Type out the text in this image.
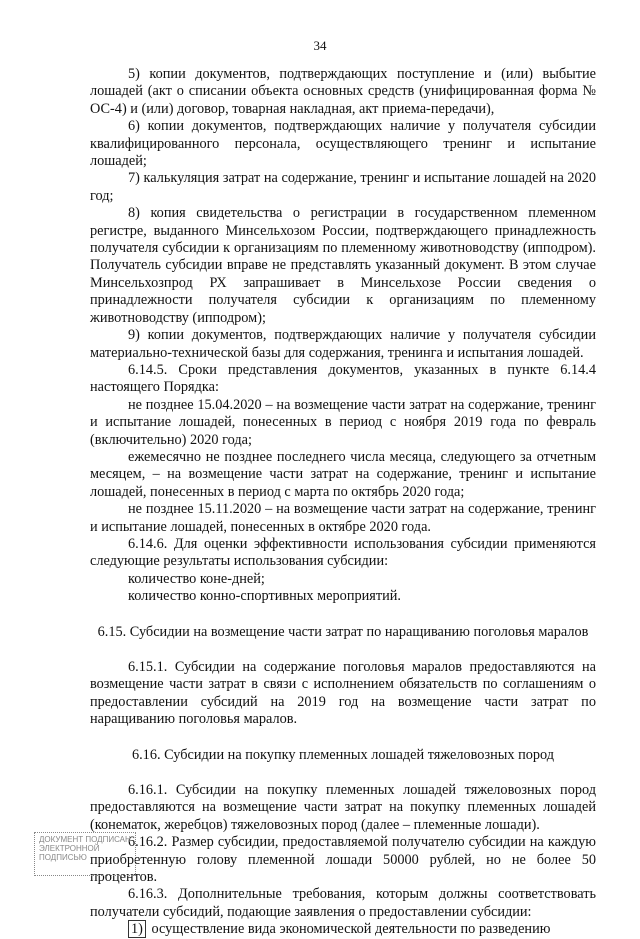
34

5) копии документов, подтверждающих поступление и (или) выбытие лошадей (акт о списании объекта основных средств (унифицированная форма № ОС-4) и (или) договор, товарная накладная, акт приема-передачи),

6) копии документов, подтверждающих наличие у получателя субсидии квалифицированного персонала, осуществляющего тренинг и испытание лошадей;

7) калькуляция затрат на содержание, тренинг и испытание лошадей на 2020 год;

8) копия свидетельства о регистрации в государственном племенном регистре, выданного Минсельхозом России, подтверждающего принадлежность получателя субсидии к организациям по племенному животноводству (ипподром). Получатель субсидии вправе не представлять указанный документ. В этом случае Минсельхозпрод РХ запрашивает в Минсельхозе России сведения о принадлежности получателя субсидии к организациям по племенному животноводству (ипподром);

9) копии документов, подтверждающих наличие у получателя субсидии материально-технической базы для содержания, тренинга и испытания лошадей.

6.14.5. Сроки представления документов, указанных в пункте 6.14.4 настоящего Порядка:

не позднее 15.04.2020 – на возмещение части затрат на содержание, тренинг и испытание лошадей, понесенных в период с ноября 2019 года по февраль (включительно) 2020 года;

ежемесячно не позднее последнего числа месяца, следующего за отчетным месяцем, – на возмещение части затрат на содержание, тренинг и испытание лошадей, понесенных в период с марта по октябрь 2020 года;

не позднее 15.11.2020 – на возмещение части затрат на содержание, тренинг и испытание лошадей, понесенных в октябре 2020 года.

6.14.6. Для оценки эффективности использования субсидии применяются следующие результаты использования субсидии:

количество коне-дней;

количество конно-спортивных мероприятий.

6.15. Субсидии на возмещение части затрат по наращиванию поголовья маралов

6.15.1. Субсидии на содержание поголовья маралов предоставляются на возмещение части затрат в связи с исполнением обязательств по соглашениям о предоставлении субсидий на 2019 год на возмещение части затрат по наращиванию поголовья маралов.

6.16. Субсидии на покупку племенных лошадей тяжеловозных пород

6.16.1. Субсидии на покупку племенных лошадей тяжеловозных пород предоставляются на возмещение части затрат на покупку племенных лошадей (конематок, жеребцов) тяжеловозных пород (далее – племенные лошади).

6.16.2. Размер субсидии, предоставляемой получателю субсидии на каждую приобретенную голову племенной лошади 50000 рублей, но не более 50 процентов.

6.16.3. Дополнительные требования, которым должны соответствовать получатели субсидий, подающие заявления о предоставлении субсидии:

1) осуществление вида экономической деятельности по разведению

ДОКУМЕНТ ПОДПИСАН ЭЛЕКТРОННОЙ ПОДПИСЬЮ
